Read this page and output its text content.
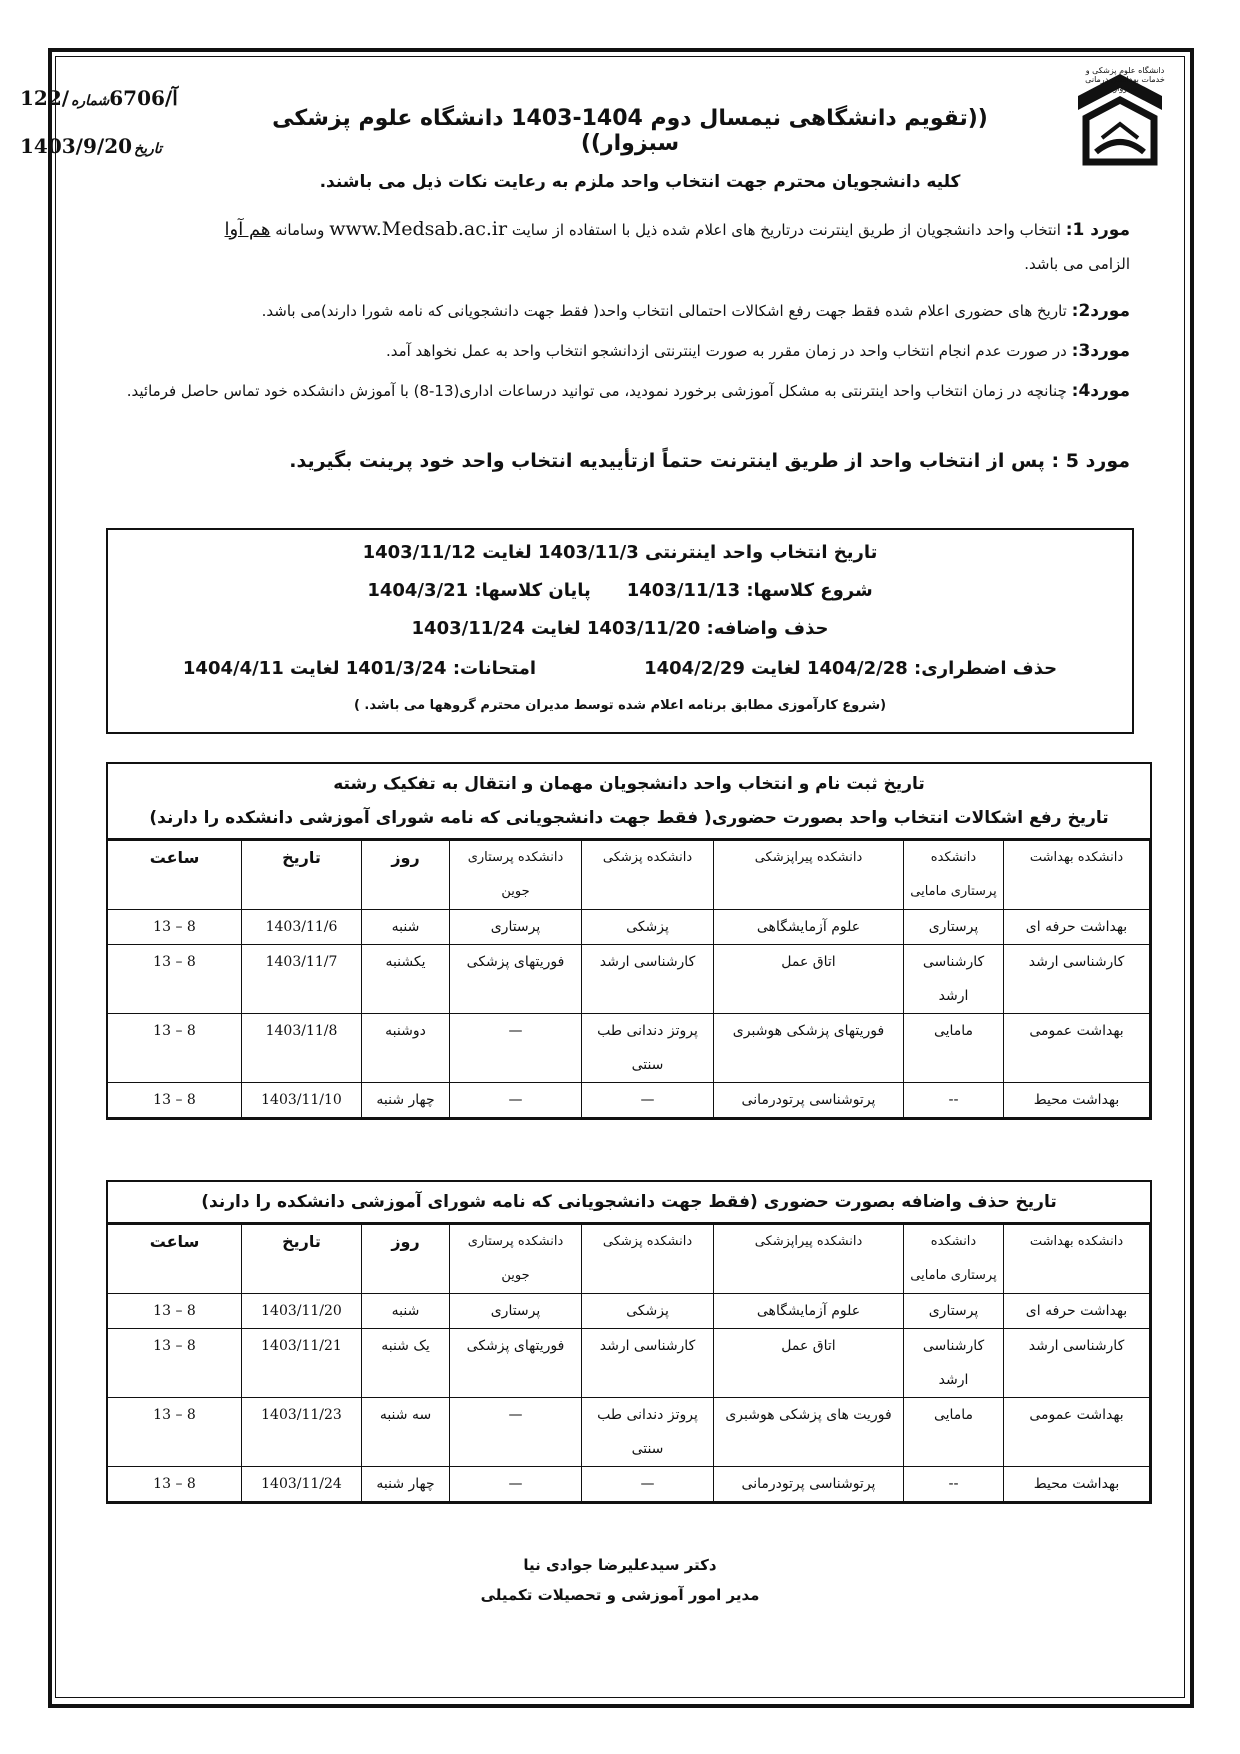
122/آ/6706شماره
1403/9/20 تاریخ
دانشگاه علوم پزشکی و خدمات بهداشتی درمانی سبزوار
((تقویم دانشگاهی نیمسال دوم 1404-1403 دانشگاه علوم پزشکی سبزوار))
کلیه دانشجویان محترم جهت انتخاب واحد ملزم به رعایت نکات ذیل می باشند.
مورد 1: انتخاب واحد دانشجویان از طریق اینترنت درتاریخ های اعلام شده ذیل با استفاده از سایت www.Medsab.ac.ir وسامانه هم آوا
الزامی می باشد.
مورد2: تاریخ های حضوری اعلام شده فقط جهت رفع اشکالات احتمالی انتخاب واحد( فقط جهت دانشجویانی که نامه شورا دارند)می باشد.
مورد3: در صورت عدم انجام انتخاب واحد در زمان مقرر به صورت اینترنتی ازدانشجو انتخاب واحد به عمل نخواهد آمد.
مورد4: چنانچه در زمان انتخاب واحد اینترنتی به مشکل آموزشی برخورد نمودید، می توانید درساعات اداری(13-8) با آموزش دانشکده خود تماس حاصل فرمائید.
مورد 5 : پس از انتخاب واحد از طریق اینترنت حتماً ازتأییدیه انتخاب واحد خود پرینت بگیرید.
تاریخ انتخاب واحد اینترنتی 1403/11/3 لغایت 1403/11/12
شروع کلاسها: 1403/11/13پایان کلاسها: 1404/3/21
حذف واضافه: 1403/11/20 لغایت 1403/11/24
حذف اضطراری: 1404/2/28 لغایت 1404/2/29امتحانات: 1401/3/24 لغایت 1404/4/11
(شروع کارآموزی مطابق برنامه اعلام شده توسط مدیران محترم گروهها می باشد. )
تاریخ ثبت نام و انتخاب واحد دانشجویان مهمان و انتقال به تفکیک رشته
تاریخ رفع اشکالات انتخاب واحد بصورت حضوری( فقط جهت دانشجویانی که نامه شورای آموزشی دانشکده را دارند)
دانشکده بهداشت	دانشکده پرستاری مامایی	دانشکده پیراپزشکی	دانشکده پزشکی	دانشکده پرستاری جوین	روز	تاریخ	ساعت
بهداشت حرفه ای	پرستاری	علوم آزمایشگاهی	پزشکی	پرستاری	شنبه	1403/11/6	8 – 13
کارشناسی ارشد	کارشناسی ارشد	اتاق عمل	کارشناسی ارشد	فوریتهای پزشکی	یکشنبه	1403/11/7	8 – 13
بهداشت عمومی	مامایی	فوریتهای پزشکی هوشبری	پروتز دندانی طب سنتی	—	دوشنبه	1403/11/8	8 – 13
بهداشت محیط	--	پرتوشناسی پرتودرمانی	—	—	چهار شنبه	1403/11/10	8 – 13
تاریخ حذف واضافه بصورت حضوری (فقط جهت دانشجویانی که نامه شورای آموزشی دانشکده را دارند)
دانشکده بهداشت	دانشکده پرستاری مامایی	دانشکده پیراپزشکی	دانشکده پزشکی	دانشکده پرستاری جوین	روز	تاریخ	ساعت
بهداشت حرفه ای	پرستاری	علوم آزمایشگاهی	پزشکی	پرستاری	شنبه	1403/11/20	8 – 13
کارشناسی ارشد	کارشناسی ارشد	اتاق عمل	کارشناسی ارشد	فوریتهای پزشکی	یک شنبه	1403/11/21	8 – 13
بهداشت عمومی	مامایی	فوریت های پزشکی هوشبری	پروتز دندانی طب سنتی	—	سه شنبه	1403/11/23	8 – 13
بهداشت محیط	--	پرتوشناسی پرتودرمانی	—	—	چهار شنبه	1403/11/24	8 – 13
دکتر سیدعلیرضا جوادی نیا
مدیر امور آموزشی و تحصیلات تکمیلی
